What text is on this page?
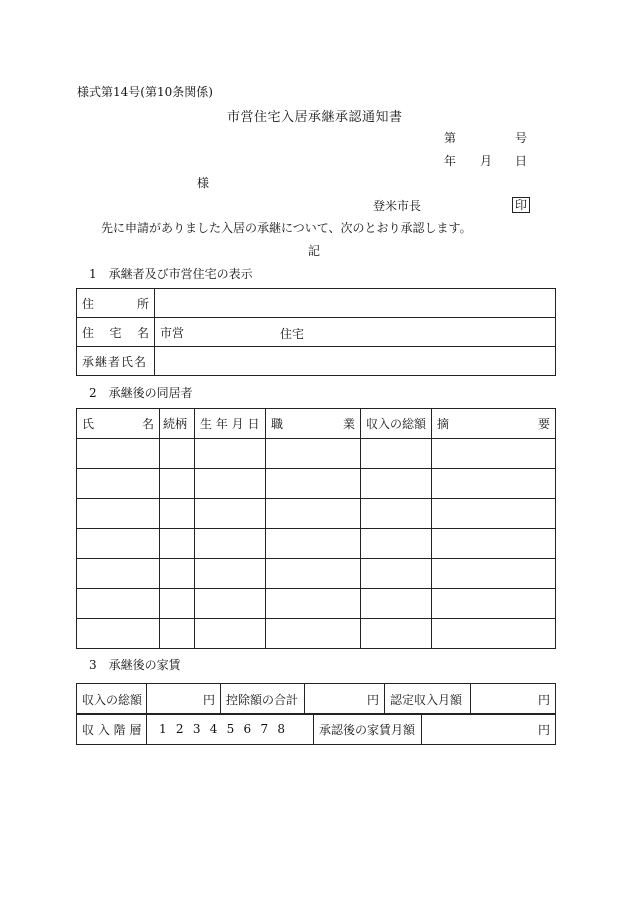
様式第14号(第10条関係)
市営住宅入居承継承認通知書
第	号
年 月 日
様
登米市長	印
先に申請がありました入居の承継について、次のとおり承認します。
記
1　承継者及び市営住宅の表示
住 所	

住 宅 名	市営 住宅

承継者氏名	
2　承継後の同居者
氏 名	続柄	生 年 月 日	職 業	収入の総額	摘 要

3　承継後の家賃
収入の総額	円	控除額の合計	円	認定収入月額	円
収 入 階 層	1 2 3 4 5 6 7 8	承認後の家賃月額	円
